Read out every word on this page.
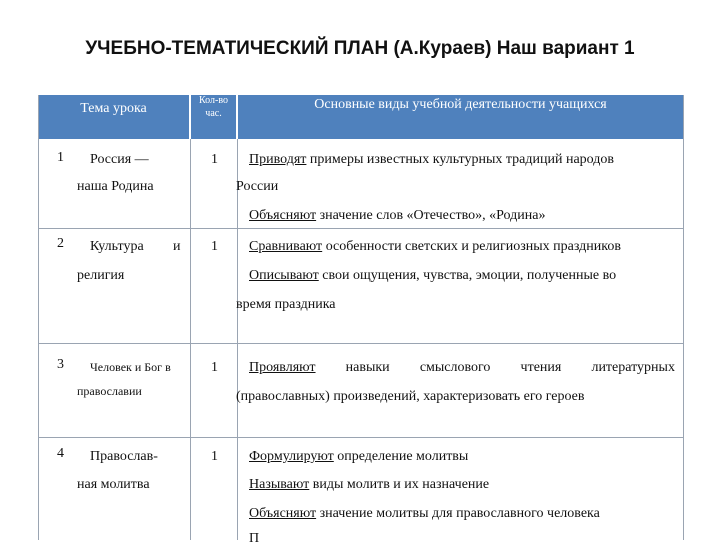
УЧЕБНО-ТЕМАТИЧЕСКИЙ ПЛАН (А.Кураев) Наш вариант 1
Тема урока
Кол-во час.
Основные виды учебной деятельности учащихся
1 Россия —
наша Родина
1 Приводят примеры известных культурных традиций народов
России
Объясняют значение слов «Отечество», «Родина»
2 Культура и
религия
1 Сравнивают особенности светских и религиозных праздников
Описывают свои ощущения, чувства, эмоции, полученные во
время праздника
3 Человек и Бог в
православии
1 Проявляют навыки смыслового чтения литературных
(православных) произведений, характеризовать его героев
4 Православ-
ная молитва
1 Формулируют определение молитвы
Называют виды молитв и их назначение
Объясняют значение молитвы для православного человека
П
